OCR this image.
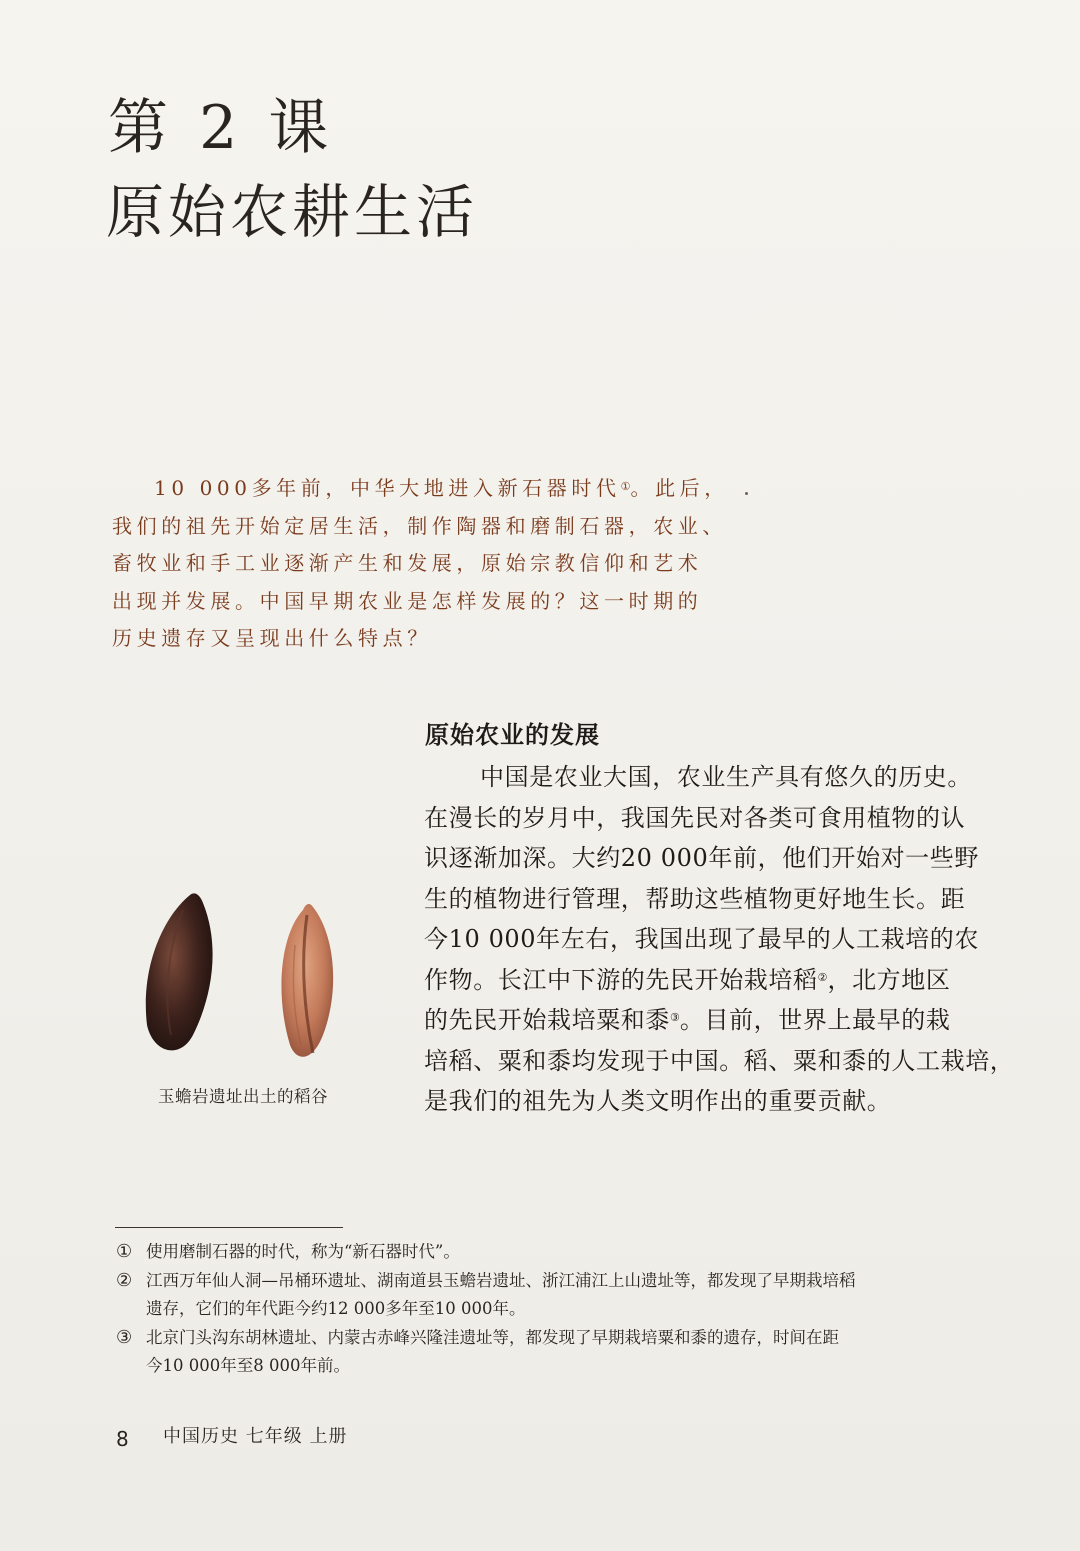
第 2 课
原始农耕生活
10 000多年前，中华大地进入新石器时代①。此后，
我们的祖先开始定居生活，制作陶器和磨制石器，农业、
畜牧业和手工业逐渐产生和发展，原始宗教信仰和艺术
出现并发展。中国早期农业是怎样发展的？这一时期的
历史遗存又呈现出什么特点？
原始农业的发展
中国是农业大国，农业生产具有悠久的历史。
在漫长的岁月中，我国先民对各类可食用植物的认
识逐渐加深。大约20 000年前，他们开始对一些野
生的植物进行管理，帮助这些植物更好地生长。距
今10 000年左右，我国出现了最早的人工栽培的农
作物。长江中下游的先民开始栽培稻②，北方地区
的先民开始栽培粟和黍③。目前，世界上最早的栽
培稻、粟和黍均发现于中国。稻、粟和黍的人工栽培，
是我们的祖先为人类文明作出的重要贡献。
玉蟾岩遗址出土的稻谷
① 使用磨制石器的时代，称为“新石器时代”。
② 江西万年仙人洞—吊桶环遗址、湖南道县玉蟾岩遗址、浙江浦江上山遗址等，都发现了早期栽培稻
遗存，它们的年代距今约12 000多年至10 000年。
③ 北京门头沟东胡林遗址、内蒙古赤峰兴隆洼遗址等，都发现了早期栽培粟和黍的遗存，时间在距
今10 000年至8 000年前。
8 中国历史 七年级 上册
